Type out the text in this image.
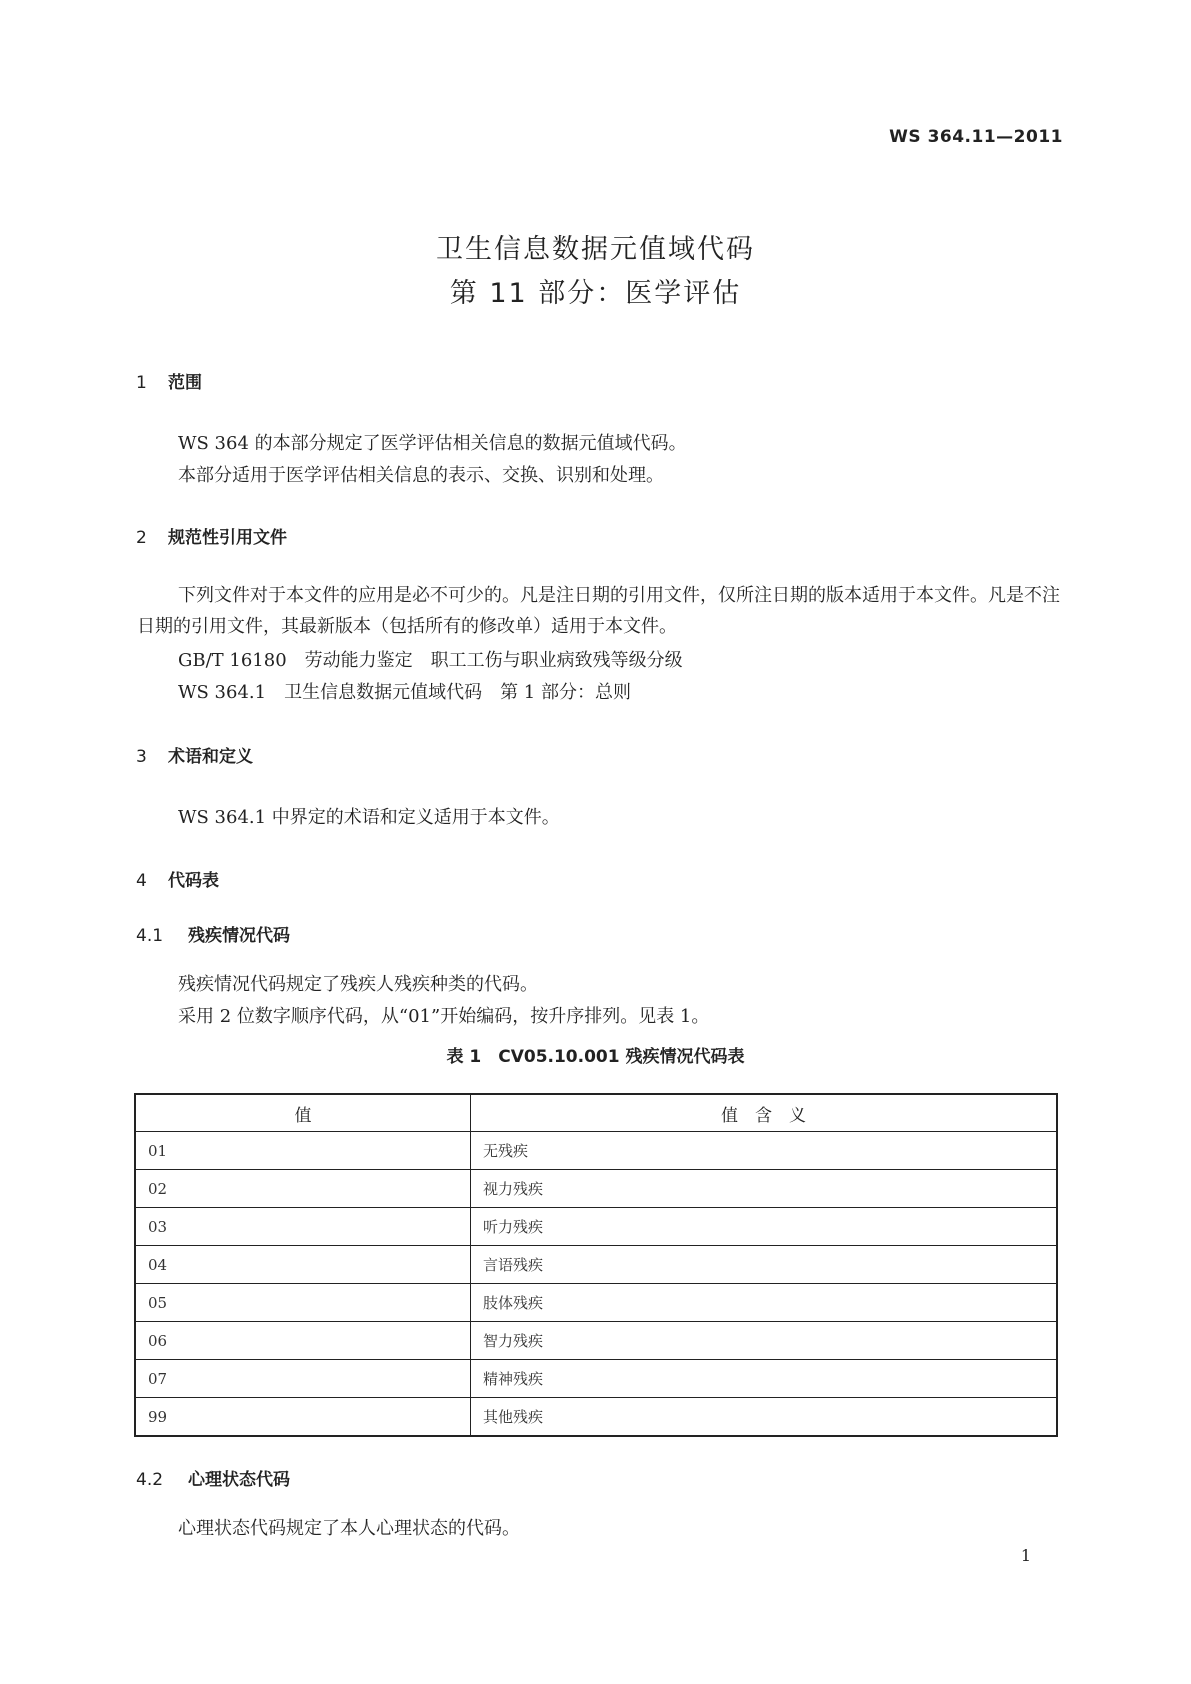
WS 364.11—2011
卫生信息数据元值域代码
第 11 部分：医学评估
1 范围
WS 364 的本部分规定了医学评估相关信息的数据元值域代码。
本部分适用于医学评估相关信息的表示、交换、识别和处理。
2 规范性引用文件
下列文件对于本文件的应用是必不可少的。凡是注日期的引用文件，仅所注日期的版本适用于本文件。凡是不注日期的引用文件，其最新版本（包括所有的修改单）适用于本文件。
GB/T 16180　劳动能力鉴定　职工工伤与职业病致残等级分级
WS 364.1　卫生信息数据元值域代码　第 1 部分：总则
3 术语和定义
WS 364.1 中界定的术语和定义适用于本文件。
4 代码表
4.1 残疾情况代码
残疾情况代码规定了残疾人残疾种类的代码。
采用 2 位数字顺序代码，从“01”开始编码，按升序排列。见表 1。
表 1　CV05.10.001 残疾情况代码表
值	值　含　义
01	无残疾
02	视力残疾
03	听力残疾
04	言语残疾
05	肢体残疾
06	智力残疾
07	精神残疾
99	其他残疾
4.2 心理状态代码
心理状态代码规定了本人心理状态的代码。
1
